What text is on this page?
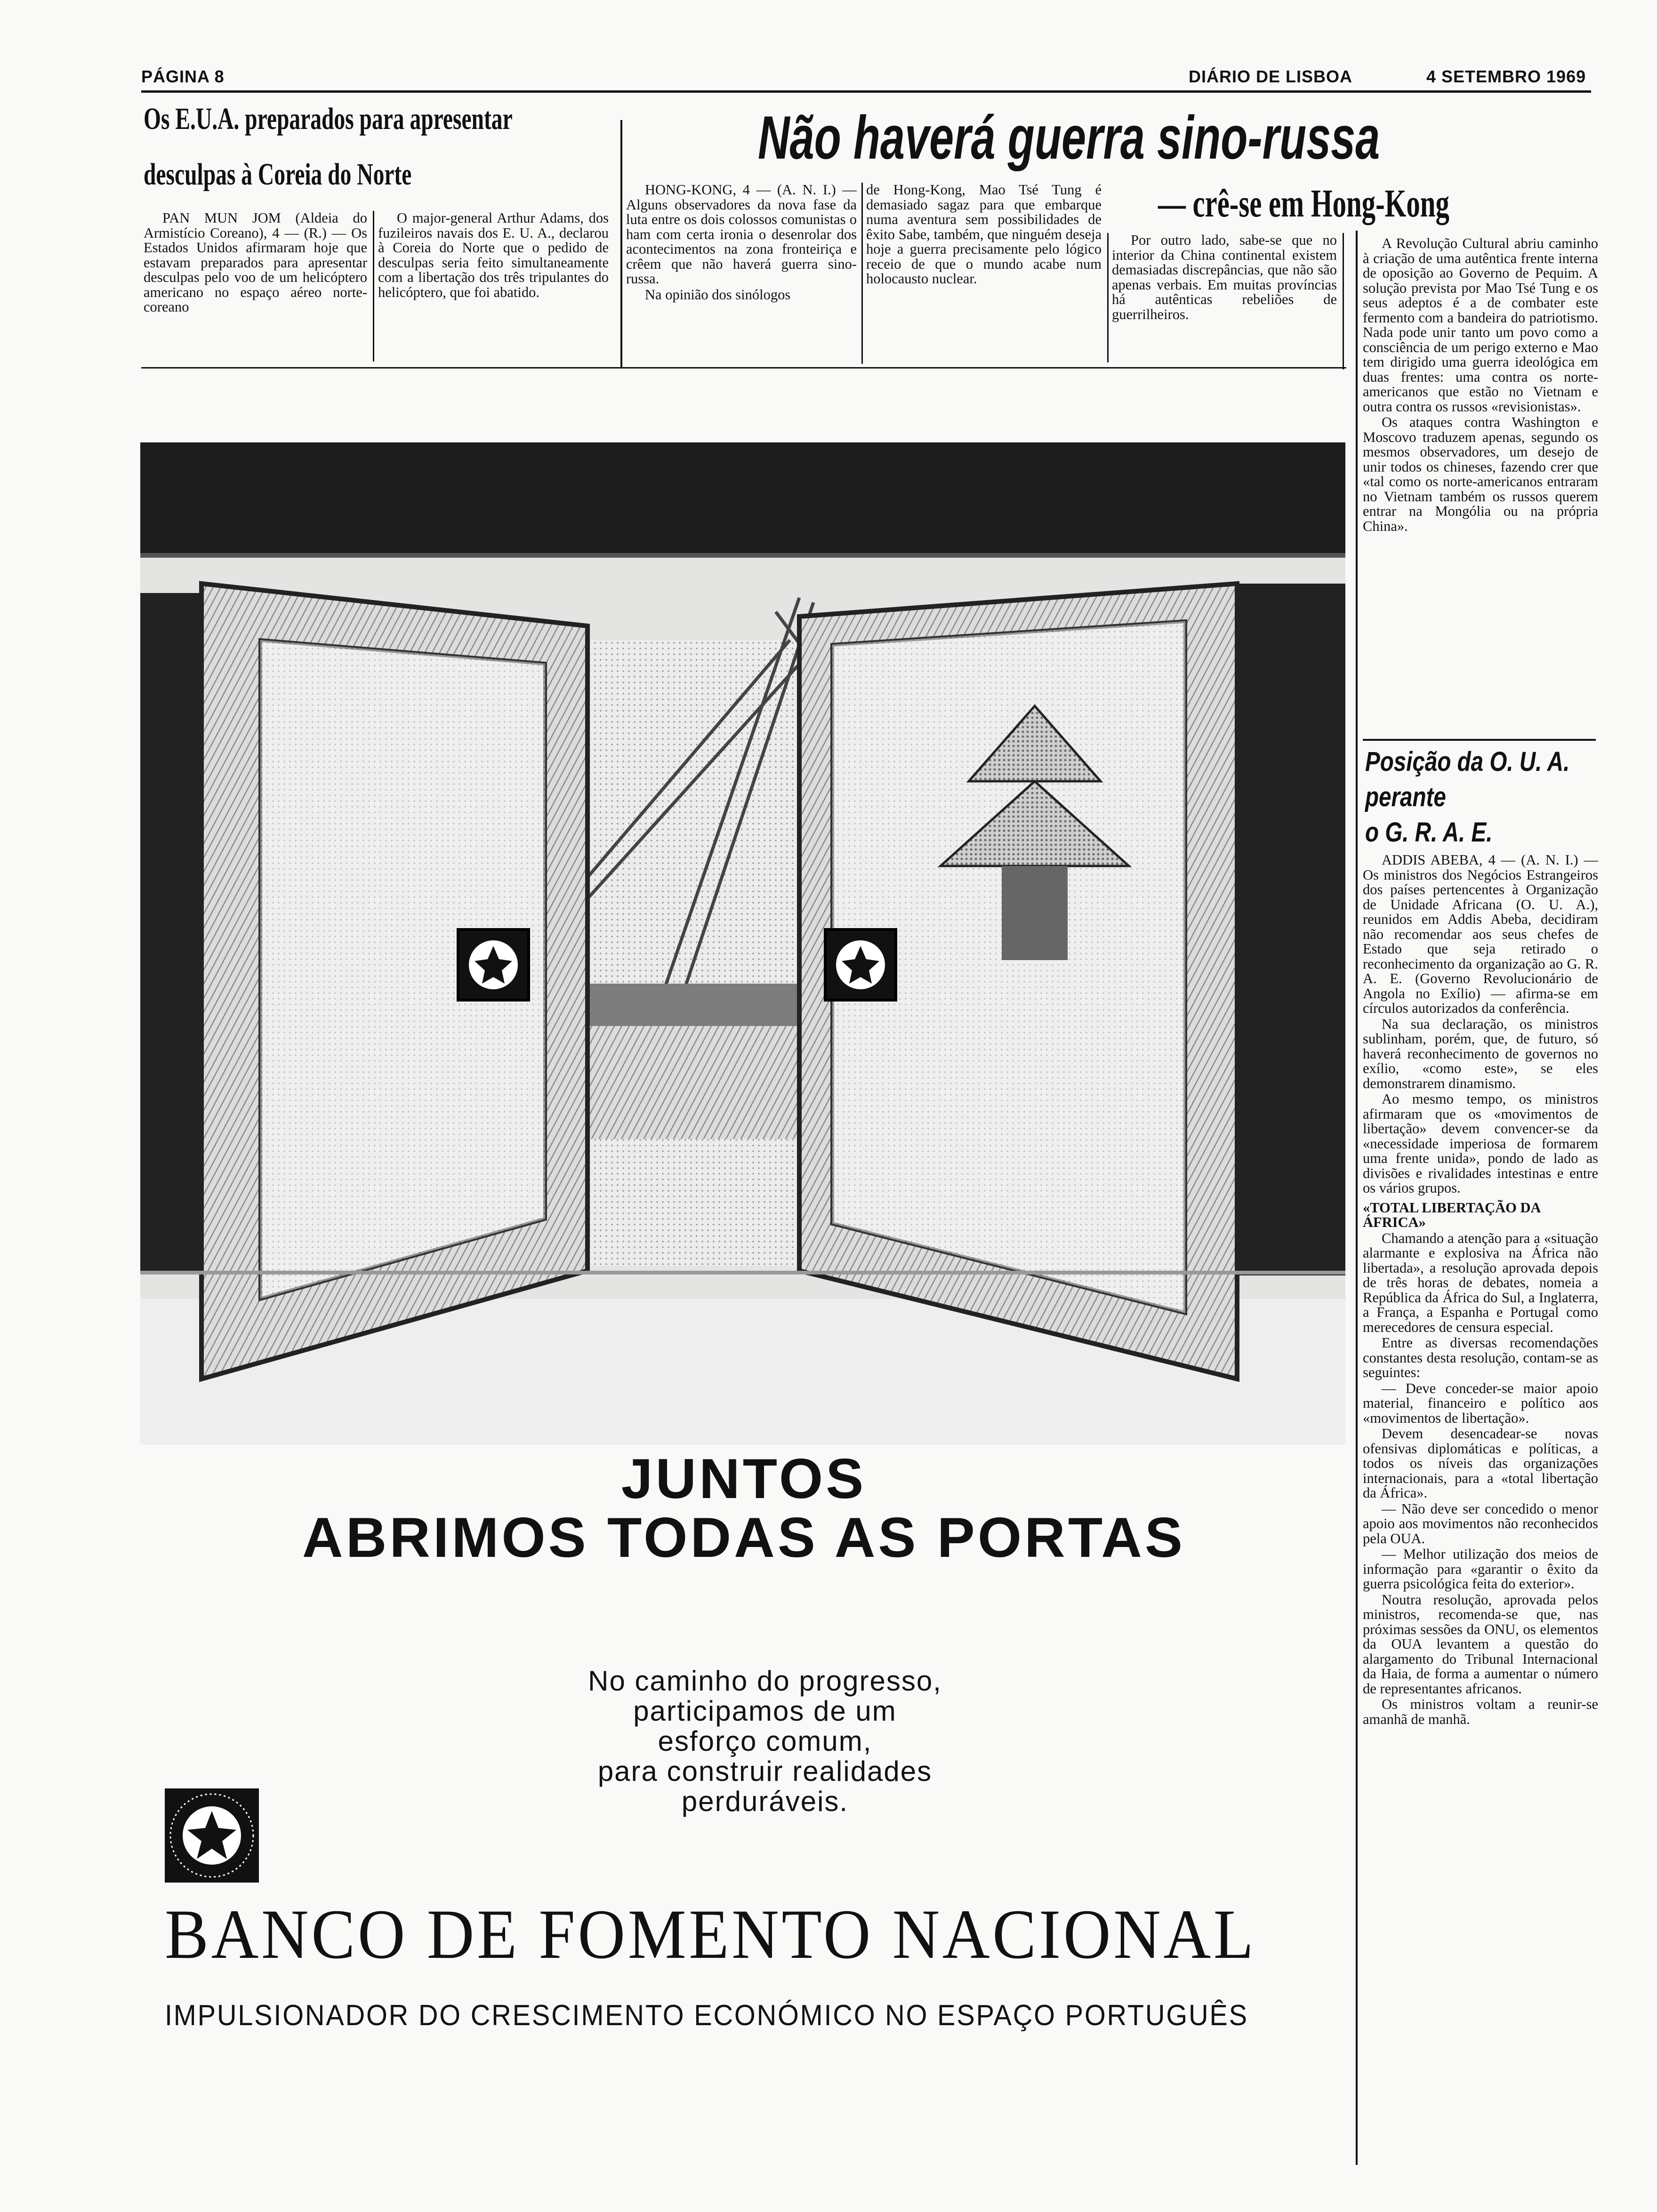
PÁGINA 8	DIÁRIO DE LISBOA	4 SETEMBRO 1969
Os E.U.A. preparados para apresentar
desculpas à Coreia do Norte

PAN MUN JOM (Aldeia do Armistício Coreano), 4 — (R.) — Os Estados Unidos afirmaram hoje que estavam preparados para apresentar desculpas pelo voo de um helicóptero americano no espaço aéreo norte-coreano

O major-general Arthur Adams, dos fuzileiros navais dos E. U. A., declarou à Coreia do Norte que o pedido de desculpas seria feito simultaneamente com a libertação dos três tripulantes do helicóptero, que foi abatido.

Não haverá guerra sino-russa
— crê-se em Hong-Kong

HONG-KONG, 4 — (A. N. I.) — Alguns observadores da nova fase da luta entre os dois colossos comunistas o ham com certa ironia o desenrolar dos acontecimentos na zona fronteiriça e crêem que não haverá guerra sino-russa.

Na opinião dos sinólogos

de Hong-Kong, Mao Tsé Tung é demasiado sagaz para que embarque numa aventura sem possibilidades de êxito Sabe, também, que ninguém deseja hoje a guerra precisamente pelo lógico receio de que o mundo acabe num holocausto nuclear.

Por outro lado, sabe-se que no interior da China continental existem demasiadas discrepâncias, que não são apenas verbais. Em muitas províncias há autênticas rebeliões de guerrilheiros.

A Revolução Cultural abriu caminho à criação de uma autêntica frente interna de oposição ao Governo de Pequim. A solução prevista por Mao Tsé Tung e os seus adeptos é a de combater este fermento com a bandeira do patriotismo. Nada pode unir tanto um povo como a consciência de um perigo externo e Mao tem dirigido uma guerra ideológica em duas frentes: uma contra os norte-americanos que estão no Vietnam e outra contra os russos «revisionistas».

Os ataques contra Washington e Moscovo traduzem apenas, segundo os mesmos observadores, um desejo de unir todos os chineses, fazendo crer que «tal como os norte-americanos entraram no Vietnam também os russos querem entrar na Mongólia ou na própria China».

Posição da O. U. A.
perante
o G. R. A. E.

ADDIS ABEBA, 4 — (A. N. I.) — Os ministros dos Negócios Estrangeiros dos países pertencentes à Organização de Unidade Africana (O. U. A.), reunidos em Addis Abeba, decidiram não recomendar aos seus chefes de Estado que seja retirado o reconhecimento da organização ao G. R. A. E. (Governo Revolucionário de Angola no Exílio) — afirma-se em círculos autorizados da conferência.

Na sua declaração, os ministros sublinham, porém, que, de futuro, só haverá reconhecimento de governos no exílio, «como este», se eles demonstrarem dinamismo.

Ao mesmo tempo, os ministros afirmaram que os «movimentos de libertação» devem convencer-se da «necessidade imperiosa de formarem uma frente unida», pondo de lado as divisões e rivalidades intestinas e entre os vários grupos.

«TOTAL LIBERTAÇÃO DA ÁFRICA»

Chamando a atenção para a «situação alarmante e explosiva na África não libertada», a resolução aprovada depois de três horas de debates, nomeia a República da África do Sul, a Inglaterra, a França, a Espanha e Portugal como merecedores de censura especial.

Entre as diversas recomendações constantes desta resolução, contam-se as seguintes:

— Deve conceder-se maior apoio material, financeiro e político aos «movimentos de libertação».

Devem desencadear-se novas ofensivas diplomáticas e políticas, a todos os níveis das organizações internacionais, para a «total libertação da África».

— Não deve ser concedido o menor apoio aos movimentos não reconhecidos pela OUA.

— Melhor utilização dos meios de informação para «garantir o êxito da guerra psicológica feita do exterior».

Noutra resolução, aprovada pelos ministros, recomenda-se que, nas próximas sessões da ONU, os elementos da OUA levantem a questão do alargamento do Tribunal Internacional da Haia, de forma a aumentar o número de representantes africanos.

Os ministros voltam a reunir-se amanhã de manhã.

JUNTOS
ABRIMOS TODAS AS PORTAS
No caminho do progresso,
participamos de um
esforço comum,
para construir realidades
perduráveis.
BANCO DE FOMENTO NACIONAL
IMPULSIONADOR DO CRESCIMENTO ECONÓMICO NO ESPAÇO PORTUGUÊS
